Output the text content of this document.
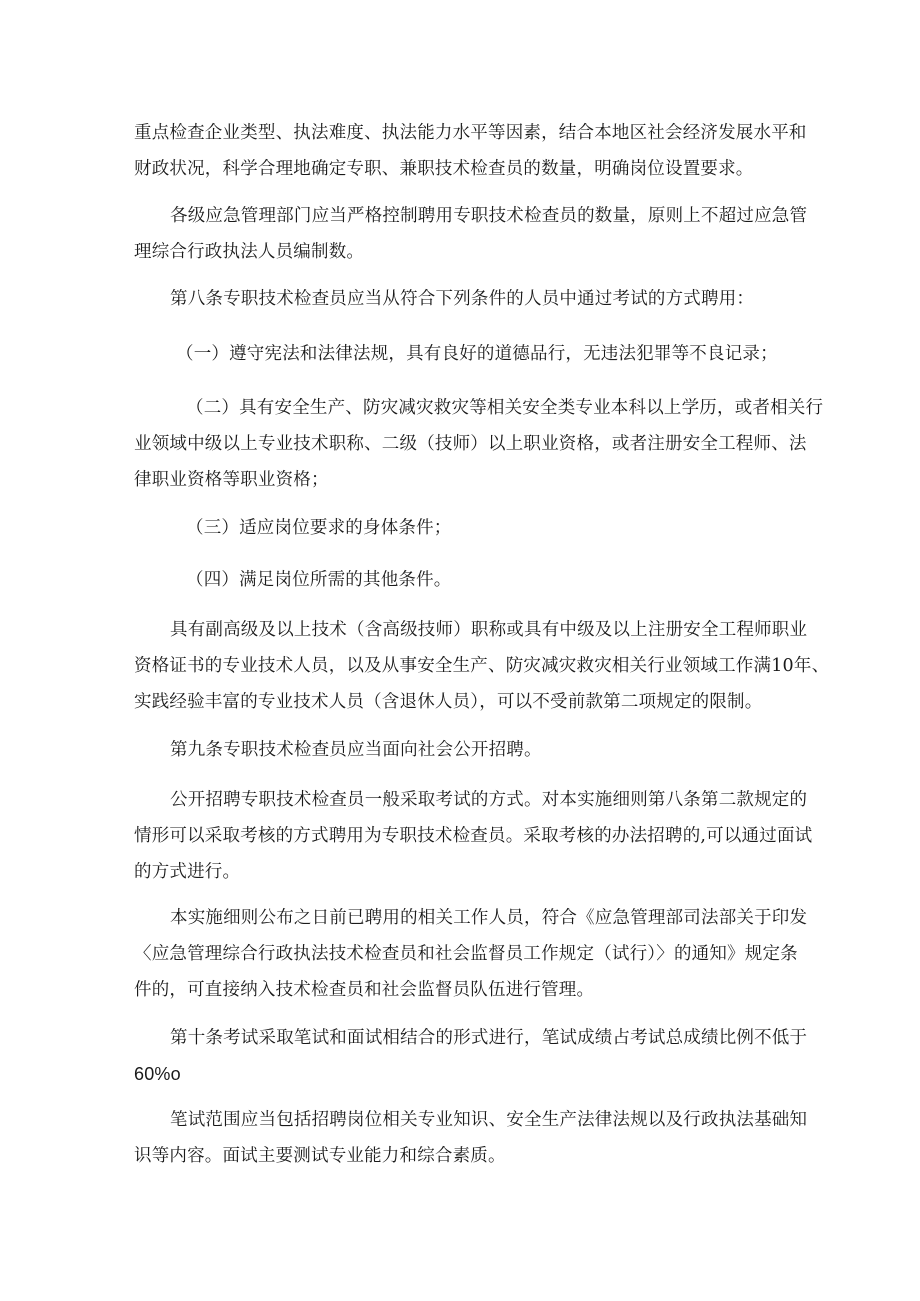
重点检查企业类型、执法难度、执法能力水平等因素，结合本地区社会经济发展水平和
财政状况，科学合理地确定专职、兼职技术检查员的数量，明确岗位设置要求。
各级应急管理部门应当严格控制聘用专职技术检查员的数量，原则上不超过应急管
理综合行政执法人员编制数。
第八条专职技术检查员应当从符合下列条件的人员中通过考试的方式聘用：
（一）遵守宪法和法律法规，具有良好的道德品行，无违法犯罪等不良记录；
（二）具有安全生产、防灾减灾救灾等相关安全类专业本科以上学历，或者相关行
业领域中级以上专业技术职称、二级（技师）以上职业资格，或者注册安全工程师、法
律职业资格等职业资格；
（三）适应岗位要求的身体条件；
（四）满足岗位所需的其他条件。
具有副高级及以上技术（含高级技师）职称或具有中级及以上注册安全工程师职业
资格证书的专业技术人员，以及从事安全生产、防灾减灾救灾相关行业领域工作满10年、
实践经验丰富的专业技术人员（含退休人员），可以不受前款第二项规定的限制。
第九条专职技术检查员应当面向社会公开招聘。
公开招聘专职技术检查员一般采取考试的方式。对本实施细则第八条第二款规定的
情形可以采取考核的方式聘用为专职技术检查员。采取考核的办法招聘的,可以通过面试
的方式进行。
本实施细则公布之日前已聘用的相关工作人员，符合《应急管理部司法部关于印发
〈应急管理综合行政执法技术检查员和社会监督员工作规定（试行）〉的通知》规定条
件的，可直接纳入技术检查员和社会监督员队伍进行管理。
第十条考试采取笔试和面试相结合的形式进行，笔试成绩占考试总成绩比例不低于
60%o
笔试范围应当包括招聘岗位相关专业知识、安全生产法律法规以及行政执法基础知
识等内容。面试主要测试专业能力和综合素质。
